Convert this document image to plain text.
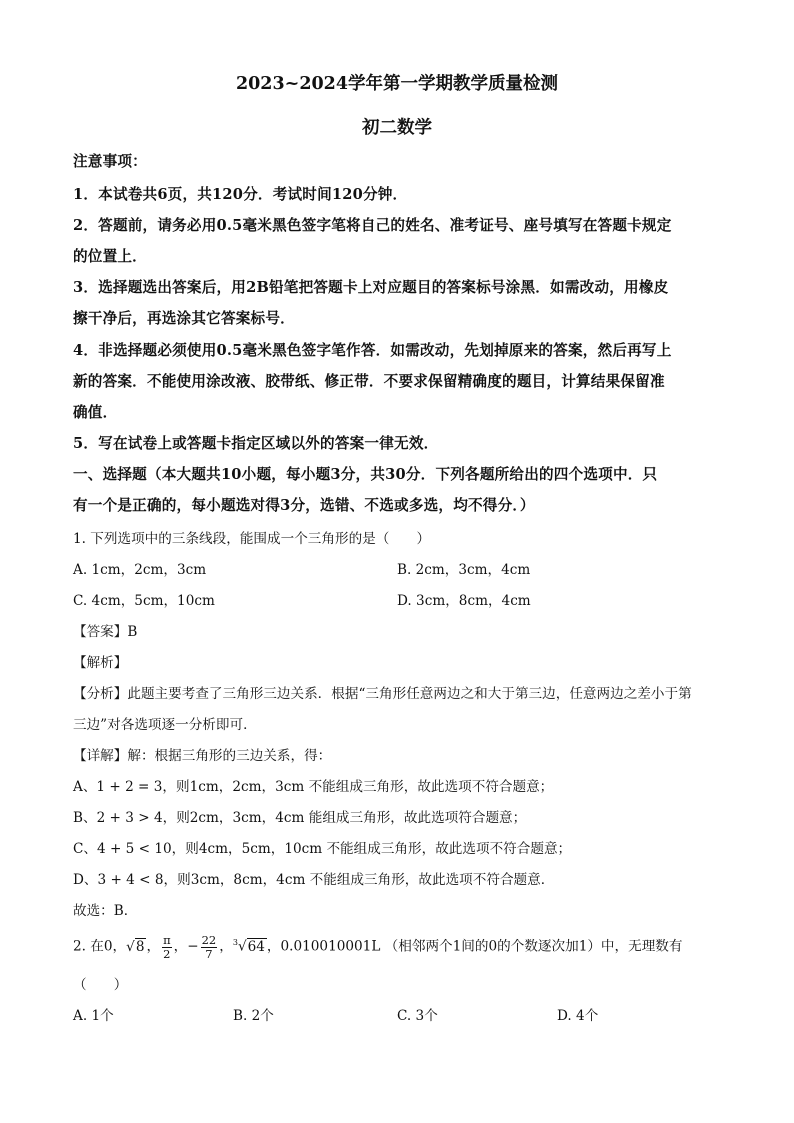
2023~2024学年第一学期教学质量检测
初二数学
注意事项：
1．本试卷共6页，共120分．考试时间120分钟．
2．答题前，请务必用0.5毫米黑色签字笔将自己的姓名、准考证号、座号填写在答题卡规定
的位置上．
3．选择题选出答案后，用2B铅笔把答题卡上对应题目的答案标号涂黑．如需改动，用橡皮
擦干净后，再选涂其它答案标号．
4．非选择题必须使用0.5毫米黑色签字笔作答．如需改动，先划掉原来的答案，然后再写上
新的答案．不能使用涂改液、胶带纸、修正带．不要求保留精确度的题目，计算结果保留准
确值．
5．写在试卷上或答题卡指定区域以外的答案一律无效．
一、选择题（本大题共10小题，每小题3分，共30分．下列各题所给出的四个选项中．只
有一个是正确的，每小题选对得3分，选错、不选或多选，均不得分．）
1. 下列选项中的三条线段，能围成一个三角形的是（　　）
A. 1cm，2cm，3cm	B. 2cm，3cm，4cm
C. 4cm，5cm，10cm	D. 3cm，8cm，4cm
【答案】B
【解析】
【分析】此题主要考查了三角形三边关系．根据“三角形任意两边之和大于第三边，任意两边之差小于第
三边”对各选项逐一分析即可．
【详解】解：根据三角形的三边关系，得：
A、1 + 2 = 3，则1cm，2cm，3cm 不能组成三角形，故此选项不符合题意；
B、2 + 3 > 4，则2cm，3cm，4cm 能组成三角形，故此选项符合题意；
C、4 + 5 < 10，则4cm，5cm，10cm 不能组成三角形，故此选项不符合题意；
D、3 + 4 < 8，则3cm，8cm，4cm 不能组成三角形，故此选项不符合题意．
故选：B．
2. 在0，√8 ， $\frac{\pi}{2}$ ，− $\frac{22}{7}$ ，$^3$√64 ，0.010010001L （相邻两个1间的0的个数逐次加1）中，无理数有
（　　）
A. 1个	B. 2个	C. 3个	D. 4个
